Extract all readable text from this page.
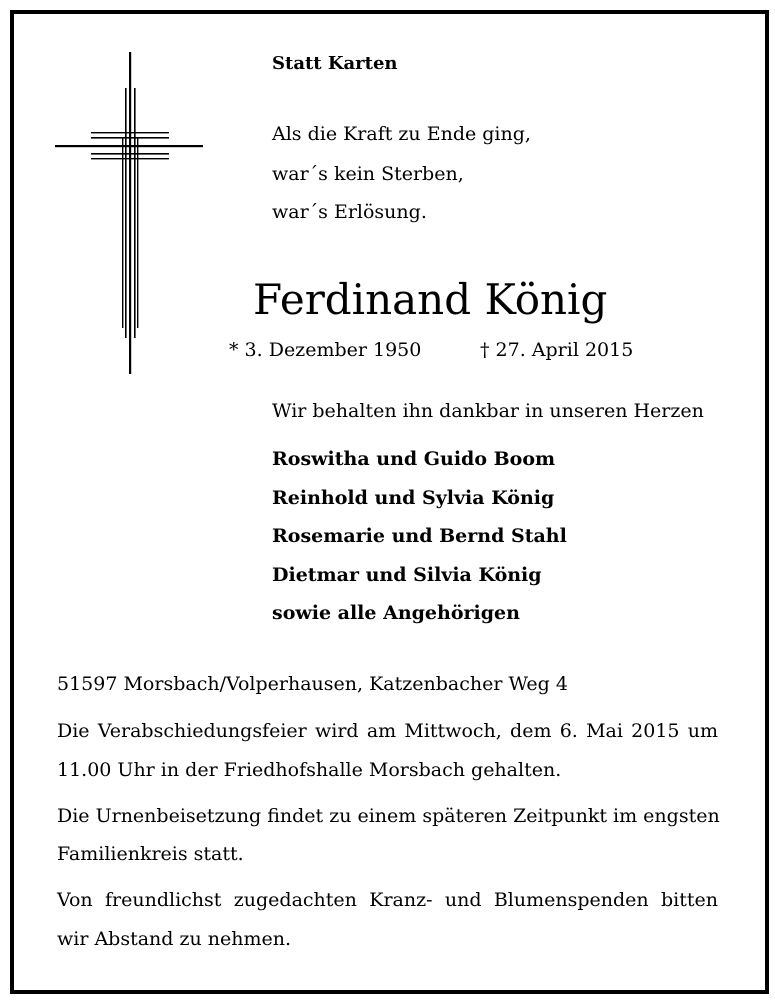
Statt Karten
Als die Kraft zu Ende ging,
war´s kein Sterben,
war´s Erlösung.
Ferdinand König
* 3. Dezember 1950	† 27. April 2015
Wir behalten ihn dankbar in unseren Herzen
Roswitha und Guido Boom
Reinhold und Sylvia König
Rosemarie und Bernd Stahl
Dietmar und Silvia König
sowie alle Angehörigen
51597 Morsbach/Volperhausen, Katzenbacher Weg 4
Die Verabschiedungsfeier wird am Mittwoch, dem 6. Mai 2015 um
11.00 Uhr in der Friedhofshalle Morsbach gehalten.
Die Urnenbeisetzung findet zu einem späteren Zeitpunkt im engsten
Familienkreis statt.
Von freundlichst zugedachten Kranz- und Blumenspenden bitten
wir Abstand zu nehmen.
